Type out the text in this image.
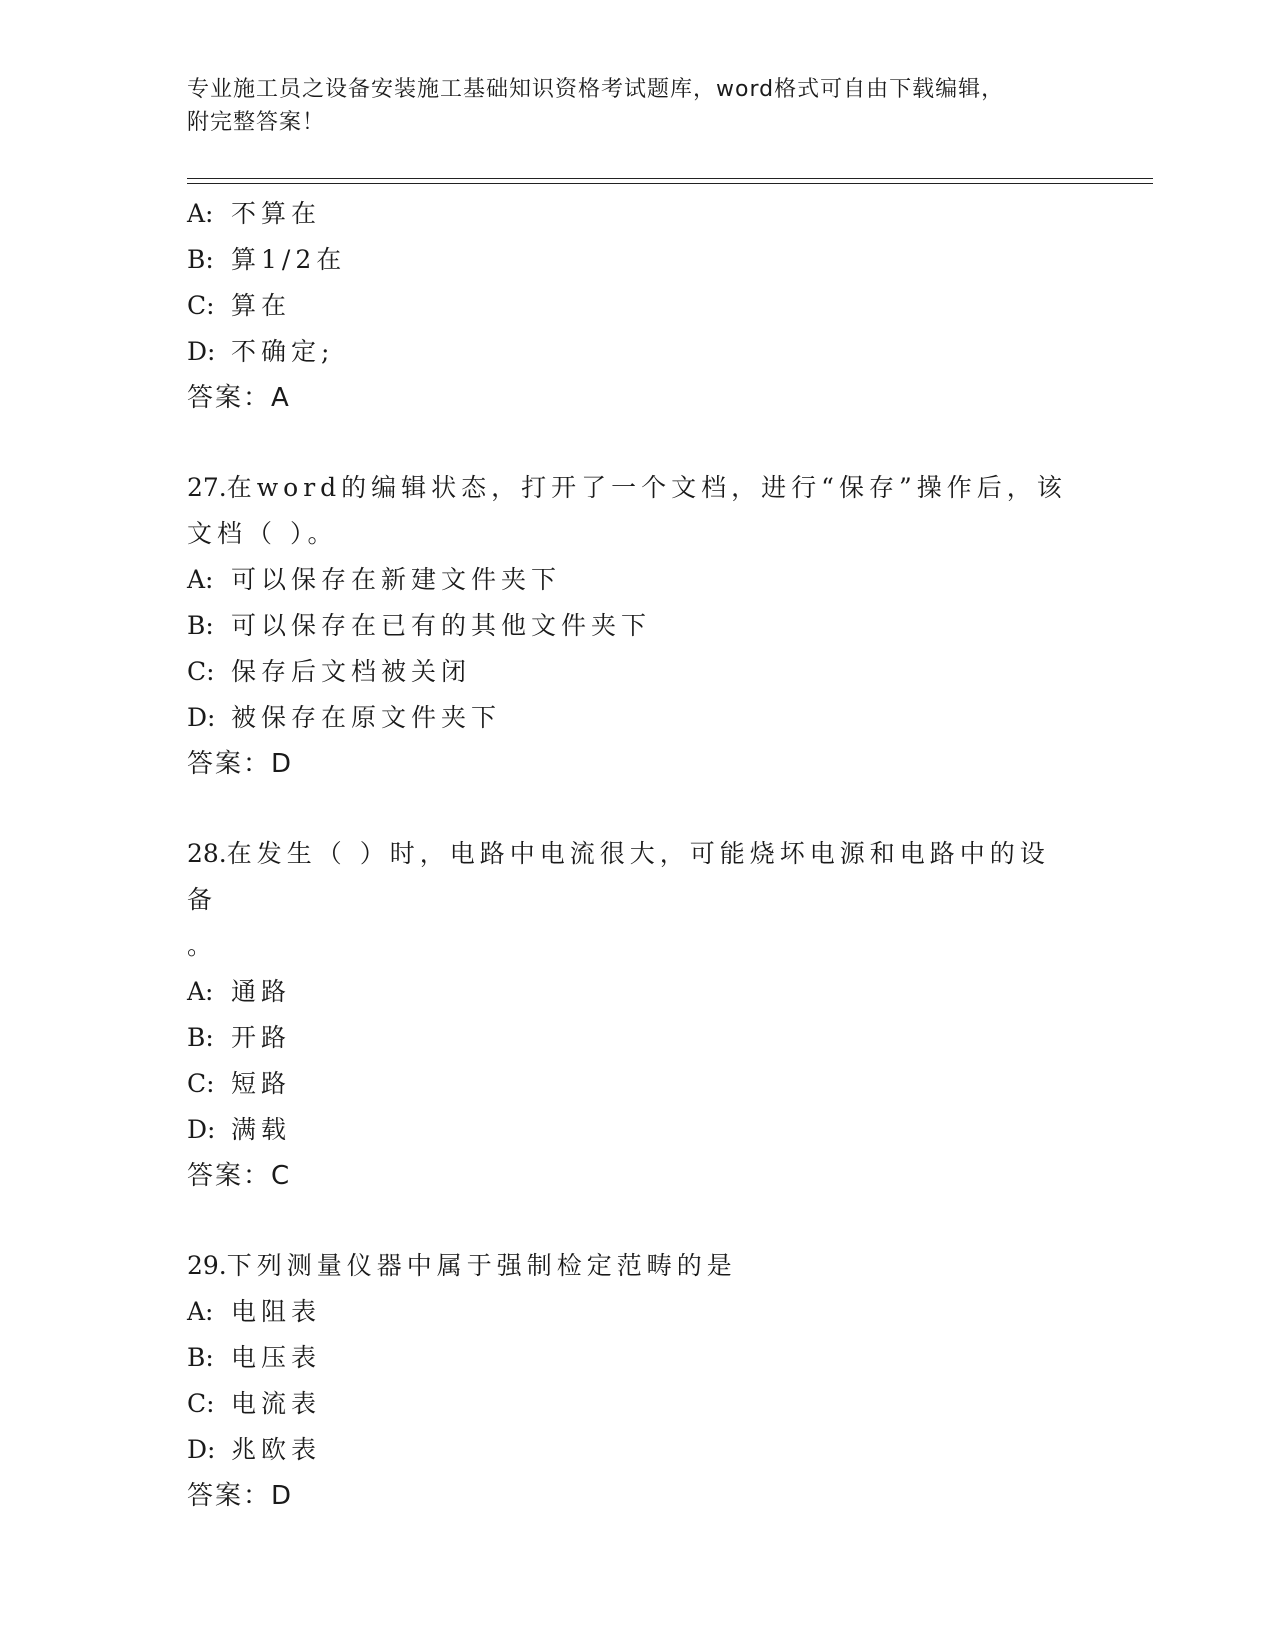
专业施工员之设备安装施工基础知识资格考试题库，word格式可自由下载编辑，
附完整答案！
A: 不算在
B: 算1/2在
C: 算在
D: 不确定;
答案：A
27.在word的编辑状态，打开了一个文档，进行“保存”操作后，该
文档（ ）。
A: 可以保存在新建文件夹下
B: 可以保存在已有的其他文件夹下
C: 保存后文档被关闭
D: 被保存在原文件夹下
答案：D
28.在发生（ ）时，电路中电流很大，可能烧坏电源和电路中的设备
。
A: 通路
B: 开路
C: 短路
D: 满载
答案：C
29.下列测量仪器中属于强制检定范畴的是
A: 电阻表
B: 电压表
C: 电流表
D: 兆欧表
答案：D
